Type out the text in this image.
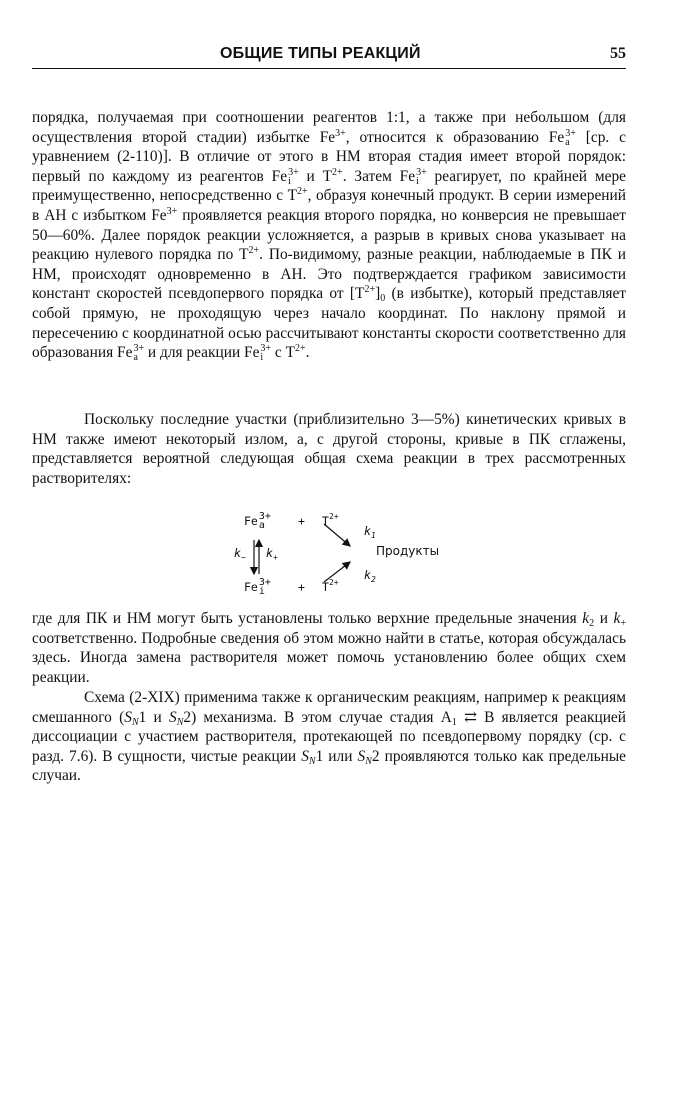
ОБЩИЕ ТИПЫ РЕАКЦИЙ	55

порядка, получаемая при соотношении реагентов 1:1, а также при небольшом (для осуществления второй стадии) избытке $Fe^{3+}$, относится к образованию Fe 3+
a [ср. с уравнением (2-110)]. В отличие от этого в НМ вторая стадия имеет второй порядок: первый по каждому из реагентов Fe 3+
i и $T^{2+}$. Затем Fe 3+
i реагирует, по крайней мере преимущественно, непосредственно с $T^{2+}$, образуя конечный продукт. В серии измерений в АН с избытком $Fe^{3+}$ проявляется реакция второго порядка, но конверсия не превышает 50—60%. Далее порядок реакции усложняется, а разрыв в кривых снова указывает на реакцию нулевого порядка по $T^{2+}$. По-видимому, разные реакции, наблюдаемые в ПК и НМ, происходят одновременно в АН. Это подтверждается графиком зависимости констант скоростей псевдопервого порядка от $[T^{2+}]_0$ (в избытке), который представляет собой прямую, не проходящую через начало координат. По наклону прямой и пересечению с координатной осью рассчитывают константы скорости соответственно для образования Fe 3+
a и для реакции Fe 3+
i с $T^{2+}$.

Поскольку последние участки (приблизительно 3—5%) кинетических кривых в НМ также имеют некоторый излом, а, с другой стороны, кривые в ПК сглажены, представляется вероятной следующая общая схема реакции в трех рассмотренных растворителях:

Fe 3+
a	+ $T^{2+}$
$k_1$
$k_-$ $k_+$	Продукты
Fe 3+
i	+ $T^{2+}$
$k_2$

где для ПК и НМ могут быть установлены только верхние предельные значения $k_2$ и $k_+$ соответственно. Подробные сведения об этом можно найти в статье, которая обсуждалась здесь. Иногда замена растворителя может помочь установлению более общих схем реакции.

Схема (2-XIX) применима также к органическим реакциям, например к реакциям смешанного ($S_N1$ и $S_N2$) механизма. В этом случае стадия $A_1$ ⇄ B является реакцией диссоциации с участием растворителя, протекающей по псевдопервому порядку (ср. с разд. 7.6). В сущности, чистые реакции $S_N1$ или $S_N2$ проявляются только как предельные случаи.
